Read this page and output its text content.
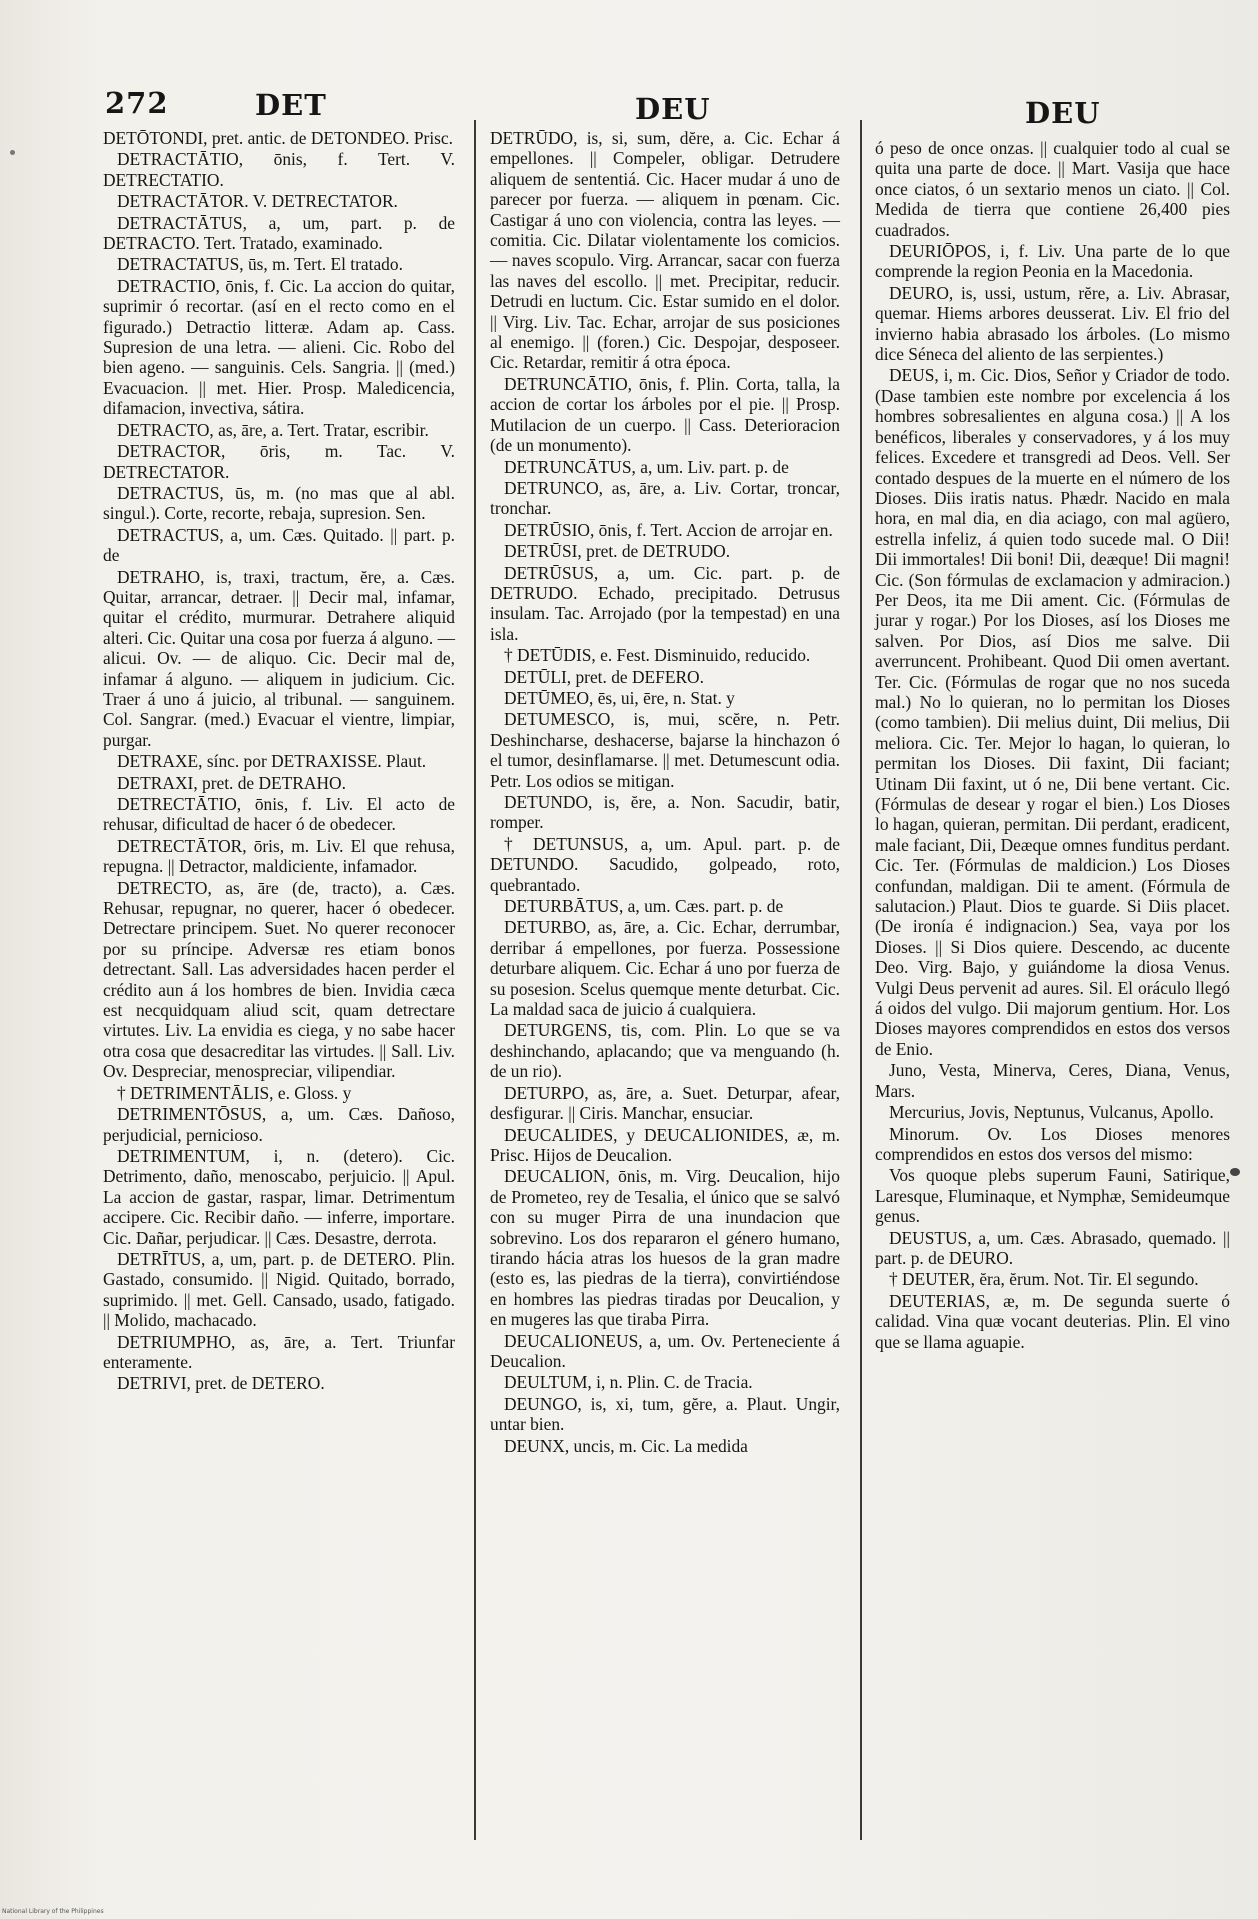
272	DET	DEU	DEU

DETŌTONDI, pret. antic. de DETONDEO. Prisc.

DETRACTĀTIO, ōnis, f. Tert. V. DETRECTATIO.

DETRACTĀTOR. V. DETRECTATOR.

DETRACTĀTUS, a, um, part. p. de DETRACTO. Tert. Tratado, examinado.

DETRACTATUS, ūs, m. Tert. El tratado.

DETRACTIO, ōnis, f. Cic. La accion do quitar, suprimir ó recortar. (así en el recto como en el figurado.) Detractio litteræ. Adam ap. Cass. Supresion de una letra. — alieni. Cic. Robo del bien ageno. — sanguinis. Cels. Sangria. || (med.) Evacuacion. || met. Hier. Prosp. Maledicencia, difamacion, invectiva, sátira.

DETRACTO, as, āre, a. Tert. Tratar, escribir.

DETRACTOR, ōris, m. Tac. V. DETRECTATOR.

DETRACTUS, ūs, m. (no mas que al abl. singul.). Corte, recorte, rebaja, supresion. Sen.

DETRACTUS, a, um. Cæs. Quitado. || part. p. de

DETRAHO, is, traxi, tractum, ĕre, a. Cæs. Quitar, arrancar, detraer. || Decir mal, infamar, quitar el crédito, murmurar. Detrahere aliquid alteri. Cic. Quitar una cosa por fuerza á alguno. — alicui. Ov. — de aliquo. Cic. Decir mal de, infamar á alguno. — aliquem in judicium. Cic. Traer á uno á juicio, al tribunal. — sanguinem. Col. Sangrar. (med.) Evacuar el vientre, limpiar, purgar.

DETRAXE, sínc. por DETRAXISSE. Plaut.

DETRAXI, pret. de DETRAHO.

DETRECTĀTIO, ōnis, f. Liv. El acto de rehusar, dificultad de hacer ó de obedecer.

DETRECTĀTOR, ōris, m. Liv. El que rehusa, repugna. || Detractor, maldiciente, infamador.

DETRECTO, as, āre (de, tracto), a. Cæs. Rehusar, repugnar, no querer, hacer ó obedecer. Detrectare principem. Suet. No querer reconocer por su príncipe. Adversæ res etiam bonos detrectant. Sall. Las adversidades hacen perder el crédito aun á los hombres de bien. Invidia cæca est necquidquam aliud scit, quam detrectare virtutes. Liv. La envidia es ciega, y no sabe hacer otra cosa que desacreditar las virtudes. || Sall. Liv. Ov. Despreciar, menospreciar, vilipendiar.

† DETRIMENTĀLIS, e. Gloss. y

DETRIMENTŌSUS, a, um. Cæs. Dañoso, perjudicial, pernicioso.

DETRIMENTUM, i, n. (detero). Cic. Detrimento, daño, menoscabo, perjuicio. || Apul. La accion de gastar, raspar, limar. Detrimentum accipere. Cic. Recibir daño. — inferre, importare. Cic. Dañar, perjudicar. || Cæs. Desastre, derrota.

DETRĪTUS, a, um, part. p. de DETERO. Plin. Gastado, consumido. || Nigid. Quitado, borrado, suprimido. || met. Gell. Cansado, usado, fatigado. || Molido, machacado.

DETRIUMPHO, as, āre, a. Tert. Triunfar enteramente.

DETRIVI, pret. de DETERO.

DETRŪDO, is, si, sum, dĕre, a. Cic. Echar á empellones. || Compeler, obligar. Detrudere aliquem de sententiá. Cic. Hacer mudar á uno de parecer por fuerza. — aliquem in pœnam. Cic. Castigar á uno con violencia, contra las leyes. — comitia. Cic. Dilatar violentamente los comicios. — naves scopulo. Virg. Arrancar, sacar con fuerza las naves del escollo. || met. Precipitar, reducir. Detrudi en luctum. Cic. Estar sumido en el dolor. || Virg. Liv. Tac. Echar, arrojar de sus posiciones al enemigo. || (foren.) Cic. Despojar, desposeer. Cic. Retardar, remitir á otra época.

DETRUNCĀTIO, ōnis, f. Plin. Corta, talla, la accion de cortar los árboles por el pie. || Prosp. Mutilacion de un cuerpo. || Cass. Deterioracion (de un monumento).

DETRUNCĀTUS, a, um. Liv. part. p. de

DETRUNCO, as, āre, a. Liv. Cortar, troncar, tronchar.

DETRŪSIO, ōnis, f. Tert. Accion de arrojar en.

DETRŪSI, pret. de DETRUDO.

DETRŪSUS, a, um. Cic. part. p. de DETRUDO. Echado, precipitado. Detrusus insulam. Tac. Arrojado (por la tempestad) en una isla.

† DETŪDIS, e. Fest. Disminuido, reducido.

DETŪLI, pret. de DEFERO.

DETŪMEO, ēs, ui, ēre, n. Stat. y

DETUMESCO, is, mui, scĕre, n. Petr. Deshincharse, deshacerse, bajarse la hinchazon ó el tumor, desinflamarse. || met. Detumescunt odia. Petr. Los odios se mitigan.

DETUNDO, is, ĕre, a. Non. Sacudir, batir, romper.

† DETUNSUS, a, um. Apul. part. p. de DETUNDO. Sacudido, golpeado, roto, quebrantado.

DETURBĀTUS, a, um. Cæs. part. p. de

DETURBO, as, āre, a. Cic. Echar, derrumbar, derribar á empellones, por fuerza. Possessione deturbare aliquem. Cic. Echar á uno por fuerza de su posesion. Scelus quemque mente deturbat. Cic. La maldad saca de juicio á cualquiera.

DETURGENS, tis, com. Plin. Lo que se va deshinchando, aplacando; que va menguando (h. de un rio).

DETURPO, as, āre, a. Suet. Deturpar, afear, desfigurar. || Ciris. Manchar, ensuciar.

DEUCALIDES, y DEUCALIONIDES, æ, m. Prisc. Hijos de Deucalion.

DEUCALION, ōnis, m. Virg. Deucalion, hijo de Prometeo, rey de Tesalia, el único que se salvó con su muger Pirra de una inundacion que sobrevino. Los dos repararon el género humano, tirando hácia atras los huesos de la gran madre (esto es, las piedras de la tierra), convirtiéndose en hombres las piedras tiradas por Deucalion, y en mugeres las que tiraba Pirra.

DEUCALIONEUS, a, um. Ov. Perteneciente á Deucalion.

DEULTUM, i, n. Plin. C. de Tracia.

DEUNGO, is, xi, tum, gĕre, a. Plaut. Ungir, untar bien.

DEUNX, uncis, m. Cic. La medida

ó peso de once onzas. || cualquier todo al cual se quita una parte de doce. || Mart. Vasija que hace once ciatos, ó un sextario menos un ciato. || Col. Medida de tierra que contiene 26,400 pies cuadrados.

DEURIŌPOS, i, f. Liv. Una parte de lo que comprende la region Peonia en la Macedonia.

DEURO, is, ussi, ustum, rĕre, a. Liv. Abrasar, quemar. Hiems arbores deusserat. Liv. El frio del invierno habia abrasado los árboles. (Lo mismo dice Séneca del aliento de las serpientes.)

DEUS, i, m. Cic. Dios, Señor y Criador de todo. (Dase tambien este nombre por excelencia á los hombres sobresalientes en alguna cosa.) || A los benéficos, liberales y conservadores, y á los muy felices. Excedere et transgredi ad Deos. Vell. Ser contado despues de la muerte en el número de los Dioses. Diis iratis natus. Phædr. Nacido en mala hora, en mal dia, en dia aciago, con mal agüero, estrella infeliz, á quien todo sucede mal. O Dii! Dii immortales! Dii boni! Dii, deæque! Dii magni! Cic. (Son fórmulas de exclamacion y admiracion.) Per Deos, ita me Dii ament. Cic. (Fórmulas de jurar y rogar.) Por los Dioses, así los Dioses me salven. Por Dios, así Dios me salve. Dii averruncent. Prohibeant. Quod Dii omen avertant. Ter. Cic. (Fórmulas de rogar que no nos suceda mal.) No lo quieran, no lo permitan los Dioses (como tambien). Dii melius duint, Dii melius, Dii meliora. Cic. Ter. Mejor lo hagan, lo quieran, lo permitan los Dioses. Dii faxint, Dii faciant; Utinam Dii faxint, ut ó ne, Dii bene vertant. Cic. (Fórmulas de desear y rogar el bien.) Los Dioses lo hagan, quieran, permitan. Dii perdant, eradicent, male faciant, Dii, Deæque omnes funditus perdant. Cic. Ter. (Fórmulas de maldicion.) Los Dioses confundan, maldigan. Dii te ament. (Fórmula de salutacion.) Plaut. Dios te guarde. Si Diis placet. (De ironía é indignacion.) Sea, vaya por los Dioses. || Si Dios quiere. Descendo, ac ducente Deo. Virg. Bajo, y guiándome la diosa Venus. Vulgi Deus pervenit ad aures. Sil. El oráculo llegó á oidos del vulgo. Dii majorum gentium. Hor. Los Dioses mayores comprendidos en estos dos versos de Enio.

Juno, Vesta, Minerva, Ceres, Diana, Venus, Mars.

Mercurius, Jovis, Neptunus, Vulcanus, Apollo.

Minorum. Ov. Los Dioses menores comprendidos en estos dos versos del mismo:

Vos quoque plebs superum Fauni, Satirique, Laresque, Fluminaque, et Nymphæ, Semideumque genus.

DEUSTUS, a, um. Cæs. Abrasado, quemado. || part. p. de DEURO.

† DEUTER, ĕra, ĕrum. Not. Tir. El segundo.

DEUTERIAS, æ, m. De segunda suerte ó calidad. Vina quæ vocant deuterias. Plin. El vino que se llama aguapie.

National Library of the Philippines
